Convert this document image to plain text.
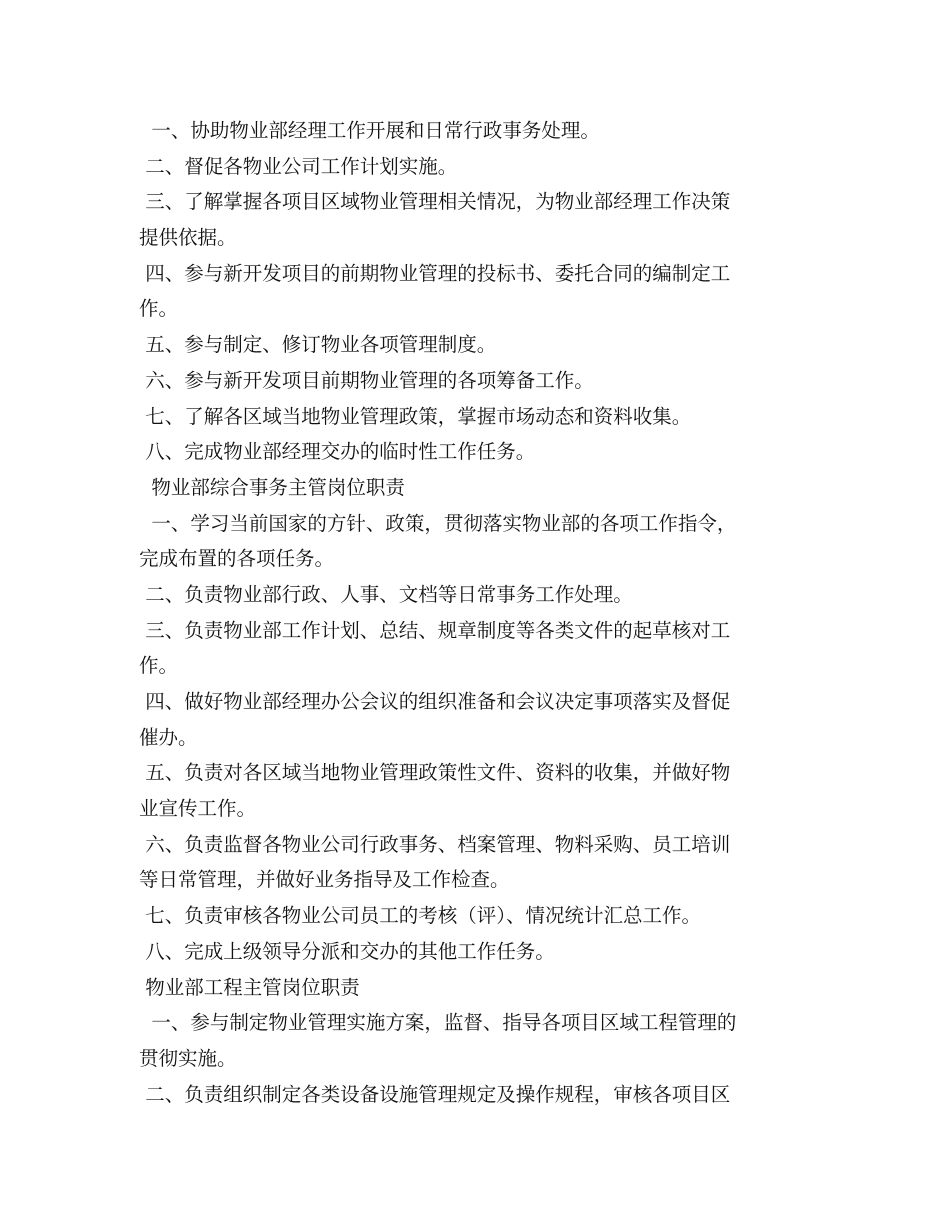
一、协助物业部经理工作开展和日常行政事务处理。
二、督促各物业公司工作计划实施。
三、了解掌握各项目区域物业管理相关情况，为物业部经理工作决策
提供依据。
四、参与新开发项目的前期物业管理的投标书、委托合同的编制定工
作。
五、参与制定、修订物业各项管理制度。
六、参与新开发项目前期物业管理的各项筹备工作。
七、了解各区域当地物业管理政策，掌握市场动态和资料收集。
八、完成物业部经理交办的临时性工作任务。
物业部综合事务主管岗位职责
一、学习当前国家的方针、政策，贯彻落实物业部的各项工作指令，
完成布置的各项任务。
二、负责物业部行政、人事、文档等日常事务工作处理。
三、负责物业部工作计划、总结、规章制度等各类文件的起草核对工
作。
四、做好物业部经理办公会议的组织准备和会议决定事项落实及督促
催办。
五、负责对各区域当地物业管理政策性文件、资料的收集，并做好物
业宣传工作。
六、负责监督各物业公司行政事务、档案管理、物料采购、员工培训
等日常管理，并做好业务指导及工作检查。
七、负责审核各物业公司员工的考核（评）、情况统计汇总工作。
八、完成上级领导分派和交办的其他工作任务。
物业部工程主管岗位职责
一、参与制定物业管理实施方案，监督、指导各项目区域工程管理的
贯彻实施。
二、负责组织制定各类设备设施管理规定及操作规程，审核各项目区
